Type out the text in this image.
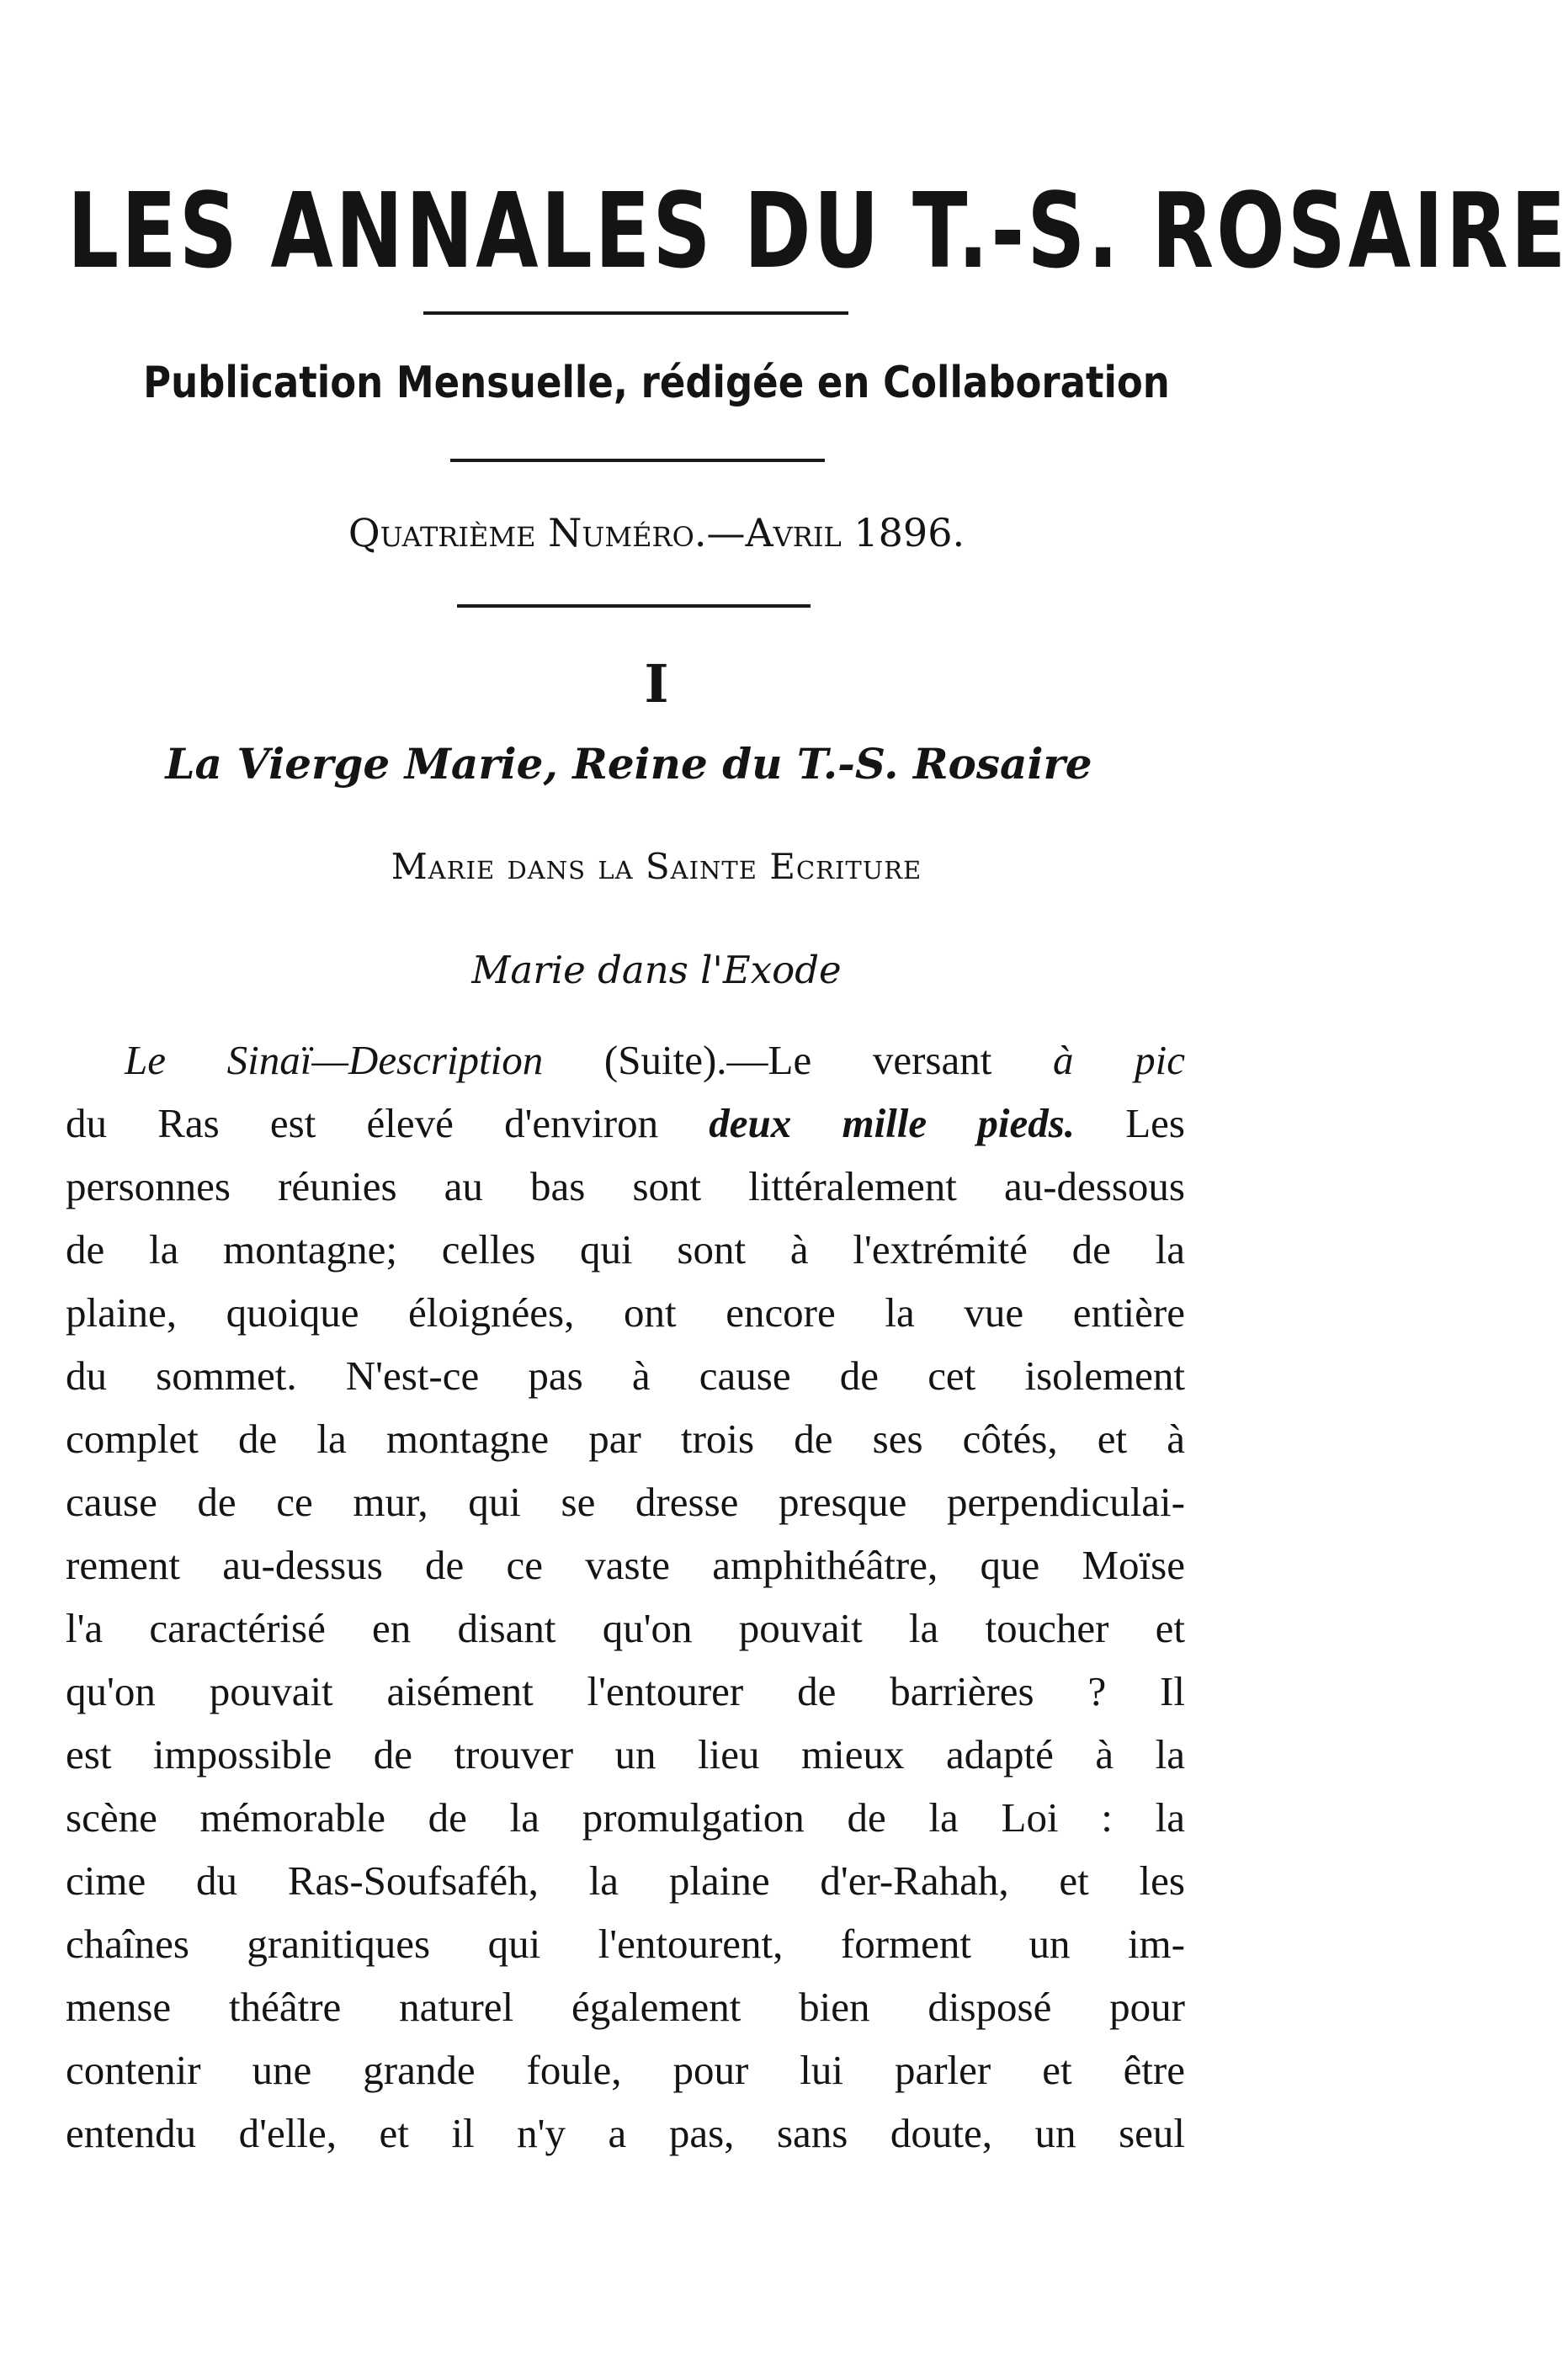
LES ANNALES DU T.-S. ROSAIRE
Publication Mensuelle, rédigée en Collaboration
Quatrième Numéro.—Avril 1896.
I
La Vierge Marie, Reine du T.-S. Rosaire
Marie dans la Sainte Ecriture
Marie dans l'Exode
Le Sinaï—Description (Suite).—Le versant à pic
du Ras est élevé d'environ deux mille pieds. Les
personnes réunies au bas sont littéralement au-dessous
de la montagne; celles qui sont à l'extrémité de la
plaine, quoique éloignées, ont encore la vue entière
du sommet. N'est-ce pas à cause de cet isolement
complet de la montagne par trois de ses côtés, et à
cause de ce mur, qui se dresse presque perpendiculai-
rement au-dessus de ce vaste amphithéâtre, que Moïse
l'a caractérisé en disant qu'on pouvait la toucher et
qu'on pouvait aisément l'entourer de barrières ? Il
est impossible de trouver un lieu mieux adapté à la
scène mémorable de la promulgation de la Loi : la
cime du Ras-Soufsaféh, la plaine d'er-Rahah, et les
chaînes granitiques qui l'entourent, forment un im-
mense théâtre naturel également bien disposé pour
contenir une grande foule, pour lui parler et être
entendu d'elle, et il n'y a pas, sans doute, un seul
